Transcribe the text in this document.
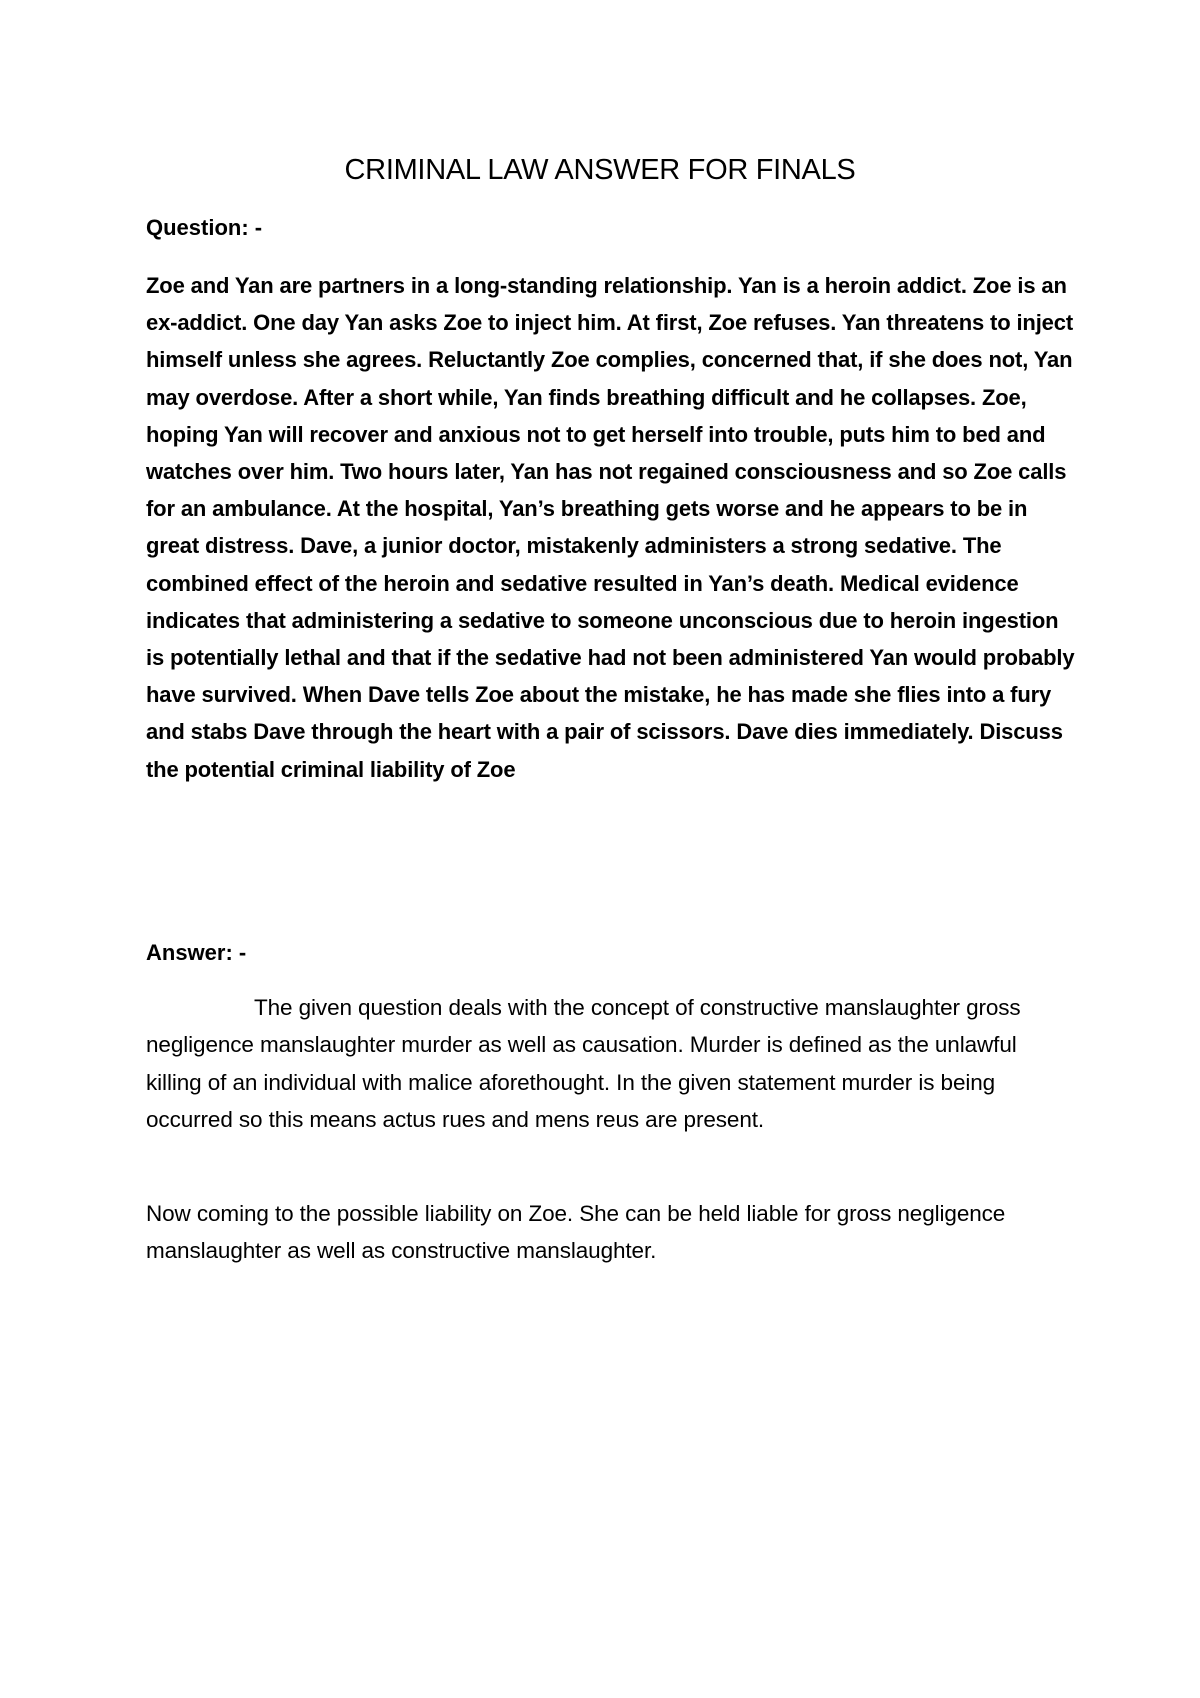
CRIMINAL LAW ANSWER FOR FINALS

Question: -

Zoe and Yan are partners in a long-standing relationship. Yan is a heroin addict. Zoe is an ex-addict. One day Yan asks Zoe to inject him. At first, Zoe refuses. Yan threatens to inject himself unless she agrees. Reluctantly Zoe complies, concerned that, if she does not, Yan may overdose. After a short while, Yan finds breathing difficult and he collapses. Zoe, hoping Yan will recover and anxious not to get herself into trouble, puts him to bed and watches over him. Two hours later, Yan has not regained consciousness and so Zoe calls for an ambulance. At the hospital, Yan’s breathing gets worse and he appears to be in great distress. Dave, a junior doctor, mistakenly administers a strong sedative. The combined effect of the heroin and sedative resulted in Yan’s death. Medical evidence indicates that administering a sedative to someone unconscious due to heroin ingestion is potentially lethal and that if the sedative had not been administered Yan would probably have survived. When Dave tells Zoe about the mistake, he has made she flies into a fury and stabs Dave through the heart with a pair of scissors. Dave dies immediately. Discuss the potential criminal liability of Zoe

Answer: -

The given question deals with the concept of constructive manslaughter gross negligence manslaughter murder as well as causation. Murder is defined as the unlawful killing of an individual with malice aforethought. In the given statement murder is being occurred so this means actus rues and mens reus are present.

Now coming to the possible liability on Zoe. She can be held liable for gross negligence manslaughter as well as constructive manslaughter.
